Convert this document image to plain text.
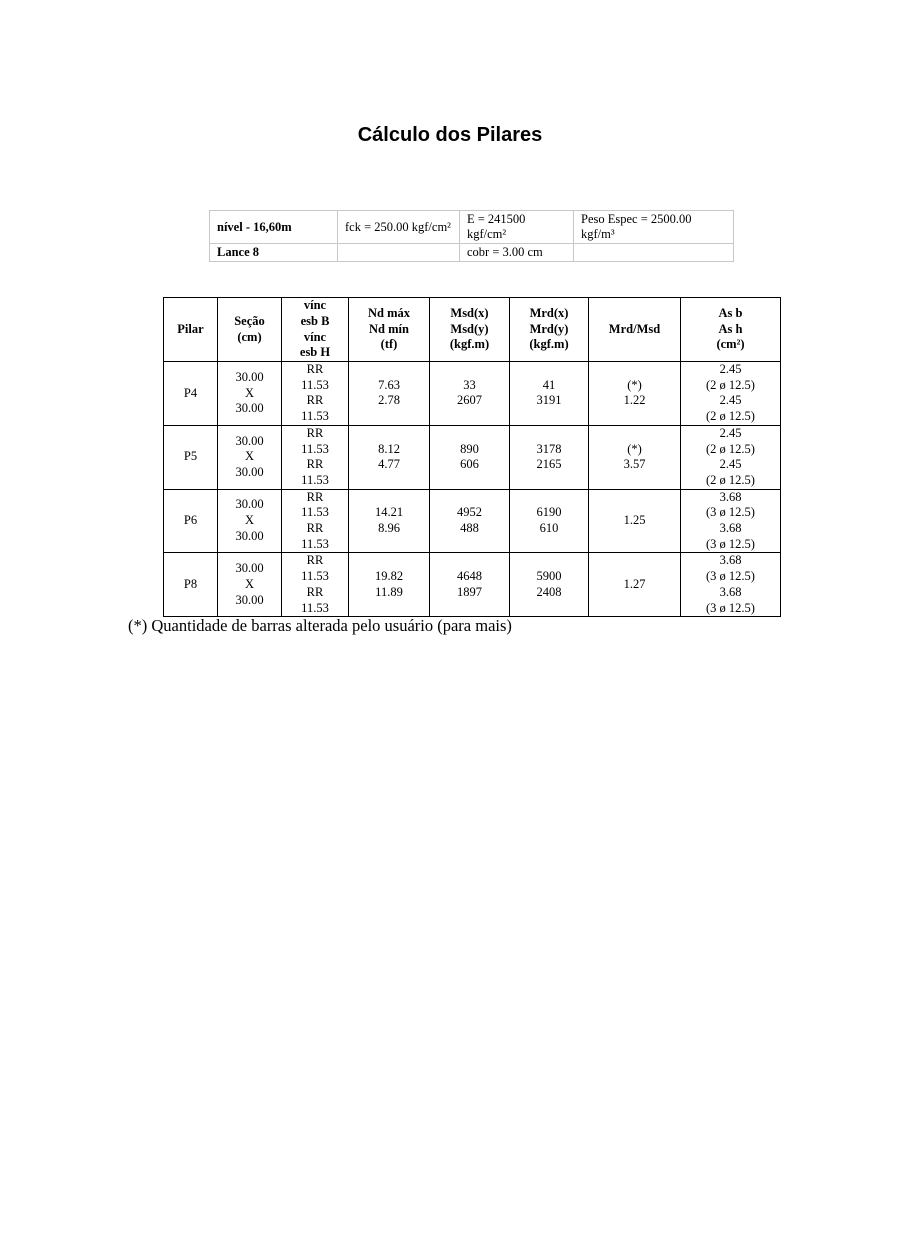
Cálculo dos Pilares
nível - 16,60m	fck = 250.00 kgf/cm²	E = 241500 kgf/cm²	Peso Espec = 2500.00 kgf/m³
Lance 8		cobr = 3.00 cm	
Pilar	Seção
(cm)	vínc
esb B
vínc
esb H	Nd máx
Nd mín
(tf)	Msd(x)
Msd(y)
(kgf.m)	Mrd(x)
Mrd(y)
(kgf.m)	Mrd/Msd	As b
As h
(cm²)

P4	30.00
X
30.00	RR
11.53
RR
11.53	7.63
2.78	33
2607	41
3191	(*)
1.22	2.45
(2 ø 12.5)
2.45
(2 ø 12.5)

P5	30.00
X
30.00	RR
11.53
RR
11.53	8.12
4.77	890
606	3178
2165	(*)
3.57	2.45
(2 ø 12.5)
2.45
(2 ø 12.5)

P6	30.00
X
30.00	RR
11.53
RR
11.53	14.21
8.96	4952
488	6190
610	1.25	3.68
(3 ø 12.5)
3.68
(3 ø 12.5)

P8	30.00
X
30.00	RR
11.53
RR
11.53	19.82
11.89	4648
1897	5900
2408	1.27	3.68
(3 ø 12.5)
3.68
(3 ø 12.5)
(*) Quantidade de barras alterada pelo usuário (para mais)
